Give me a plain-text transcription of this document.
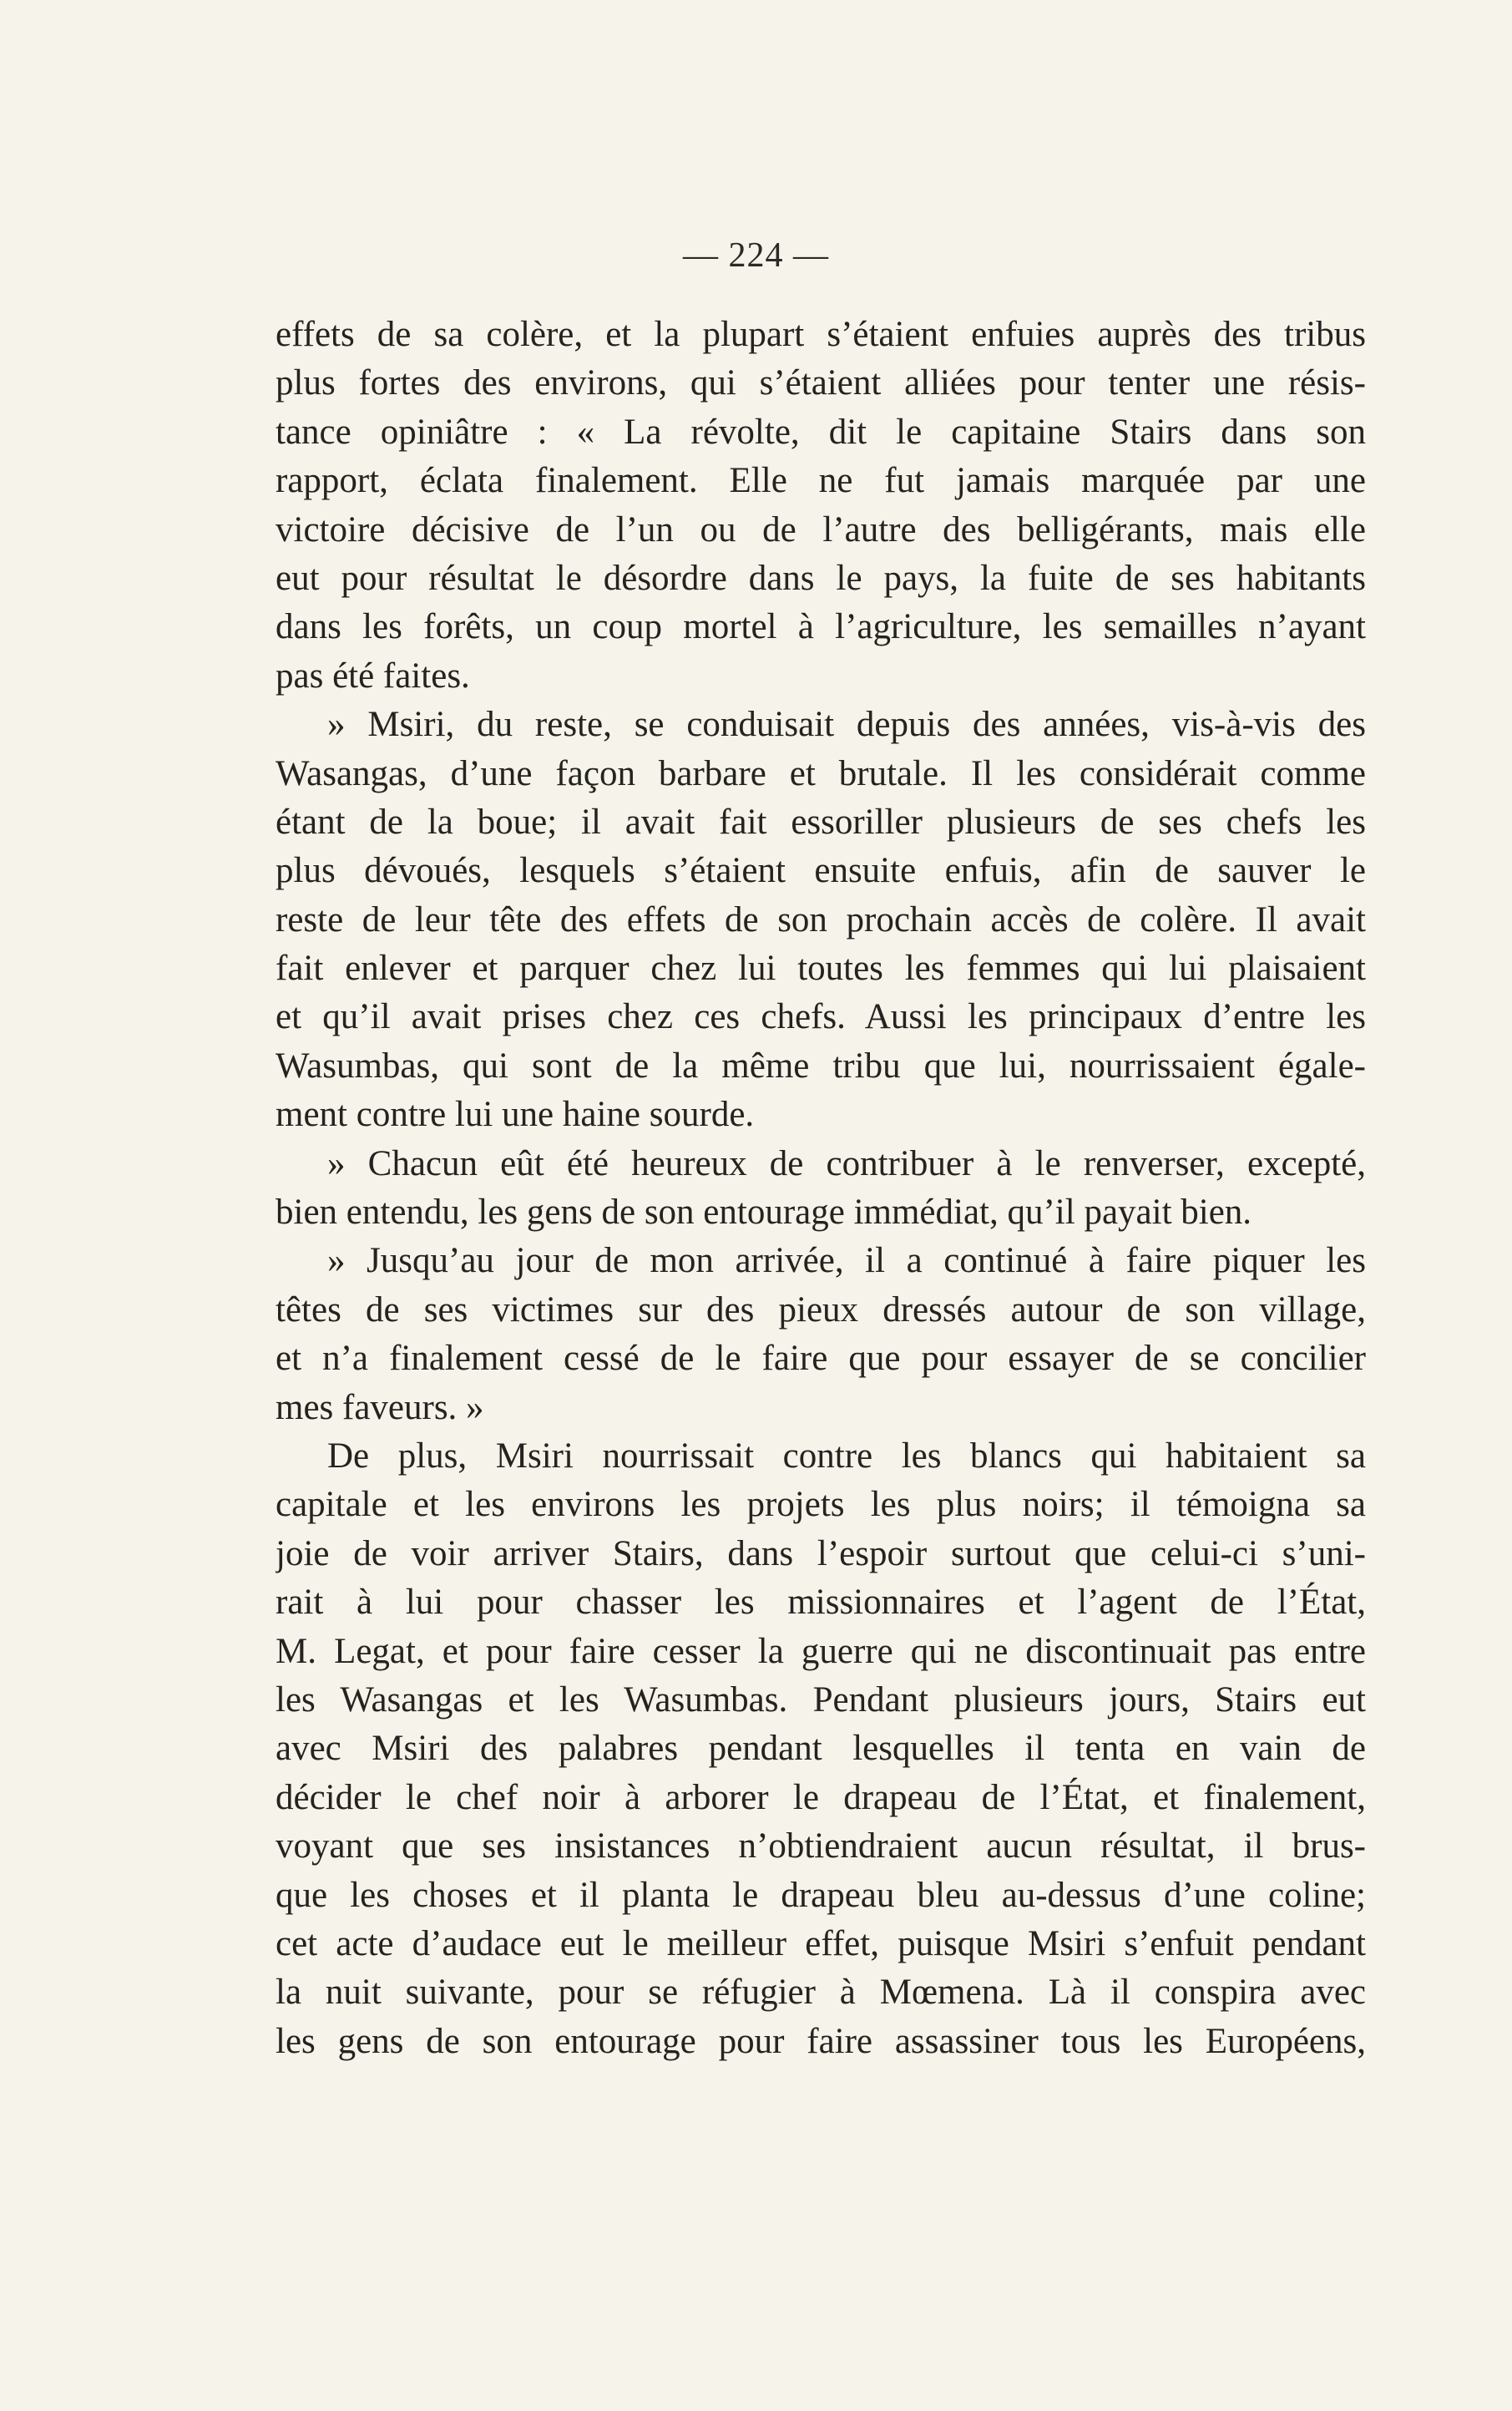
— 224 —
effets de sa colère, et la plupart s’étaient enfuies auprès des tribus
plus fortes des environs, qui s’étaient alliées pour tenter une résis-
tance opiniâtre : « La révolte, dit le capitaine Stairs dans son
rapport, éclata finalement. Elle ne fut jamais marquée par une
victoire décisive de l’un ou de l’autre des belligérants, mais elle
eut pour résultat le désordre dans le pays, la fuite de ses habitants
dans les forêts, un coup mortel à l’agriculture, les semailles n’ayant
pas été faites.
» Msiri, du reste, se conduisait depuis des années, vis-à-vis des
Wasangas, d’une façon barbare et brutale. Il les considérait comme
étant de la boue; il avait fait essoriller plusieurs de ses chefs les
plus dévoués, lesquels s’étaient ensuite enfuis, afin de sauver le
reste de leur tête des effets de son prochain accès de colère. Il avait
fait enlever et parquer chez lui toutes les femmes qui lui plaisaient
et qu’il avait prises chez ces chefs. Aussi les principaux d’entre les
Wasumbas, qui sont de la même tribu que lui, nourrissaient égale-
ment contre lui une haine sourde.
» Chacun eût été heureux de contribuer à le renverser, excepté,
bien entendu, les gens de son entourage immédiat, qu’il payait bien.
» Jusqu’au jour de mon arrivée, il a continué à faire piquer les
têtes de ses victimes sur des pieux dressés autour de son village,
et n’a finalement cessé de le faire que pour essayer de se concilier
mes faveurs. »
De plus, Msiri nourrissait contre les blancs qui habitaient sa
capitale et les environs les projets les plus noirs; il témoigna sa
joie de voir arriver Stairs, dans l’espoir surtout que celui-ci s’uni-
rait à lui pour chasser les missionnaires et l’agent de l’État,
M. Legat, et pour faire cesser la guerre qui ne discontinuait pas entre
les Wasangas et les Wasumbas. Pendant plusieurs jours, Stairs eut
avec Msiri des palabres pendant lesquelles il tenta en vain de
décider le chef noir à arborer le drapeau de l’État, et finalement,
voyant que ses insistances n’obtiendraient aucun résultat, il brus-
que les choses et il planta le drapeau bleu au-dessus d’une coline;
cet acte d’audace eut le meilleur effet, puisque Msiri s’enfuit pendant
la nuit suivante, pour se réfugier à Mœmena. Là il conspira avec
les gens de son entourage pour faire assassiner tous les Européens,
